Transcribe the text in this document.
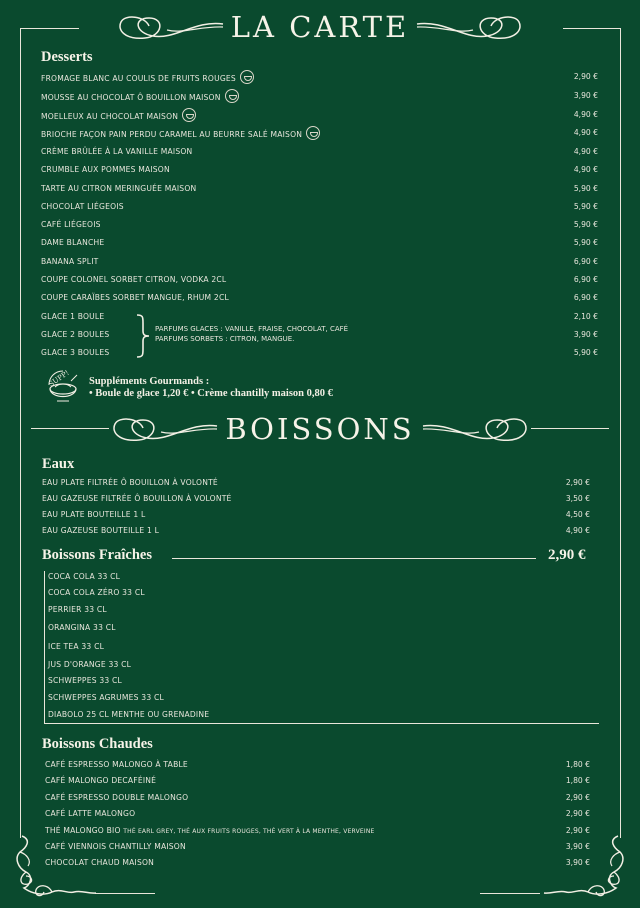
LA CARTE
Desserts
FROMAGE BLANC AU COULIS DE FRUITS ROUGES	2,90 €
MOUSSE AU CHOCOLAT Ô BOUILLON MAISON	3,90 €
MOELLEUX AU CHOCOLAT MAISON	4,90 €
BRIOCHE FAÇON PAIN PERDU CARAMEL AU BEURRE SALÉ MAISON	4,90 €
CRÈME BRÛLÉE À LA VANILLE MAISON	4,90 €
CRUMBLE AUX POMMES MAISON	4,90 €
TARTE AU CITRON MERINGUÉE MAISON	5,90 €
CHOCOLAT LIÉGEOIS	5,90 €
CAFÉ LIÉGEOIS	5,90 €
DAME BLANCHE	5,90 €
BANANA SPLIT	6,90 €
COUPE COLONEL SORBET CITRON, VODKA 2CL	6,90 €
COUPE CARAÏBES SORBET MANGUE, RHUM 2CL	6,90 €
GLACE 1 BOULE	2,10 €
GLACE 2 BOULES	3,90 €
GLACE 3 BOULES	5,90 €
PARFUMS GLACES : VANILLE, FRAISE, CHOCOLAT, CAFÉ
PARFUMS SORBETS : CITRON, MANGUE.
SUPP! Suppléments Gourmands :
• Boule de glace 1,20 € • Crème chantilly maison 0,80 €
BOISSONS
Eaux
EAU PLATE FILTRÉE Ô BOUILLON À VOLONTÉ	2,90 €
EAU GAZEUSE FILTRÉE Ô BOUILLON À VOLONTÉ	3,50 €
EAU PLATE BOUTEILLE 1 L	4,50 €
EAU GAZEUSE BOUTEILLE 1 L	4,90 €
Boissons Fraîches	2,90 €
COCA COLA 33 CL
COCA COLA ZÉRO 33 CL
PERRIER 33 CL
ORANGINA 33 CL
ICE TEA 33 CL
JUS D'ORANGE 33 CL
SCHWEPPES 33 CL
SCHWEPPES AGRUMES 33 CL
DIABOLO 25 CL MENTHE OU GRENADINE
Boissons Chaudes
CAFÉ ESPRESSO MALONGO À TABLE	1,80 €
CAFÉ MALONGO DECAFÉINÉ	1,80 €
CAFÉ ESPRESSO DOUBLE MALONGO	2,90 €
CAFÉ LATTE MALONGO	2,90 €
THÉ MALONGO BIO THÉ EARL GREY, THÉ AUX FRUITS ROUGES, THÉ VERT À LA MENTHE, VERVEINE	2,90 €
CAFÉ VIENNOIS CHANTILLY MAISON	3,90 €
CHOCOLAT CHAUD MAISON	3,90 €
